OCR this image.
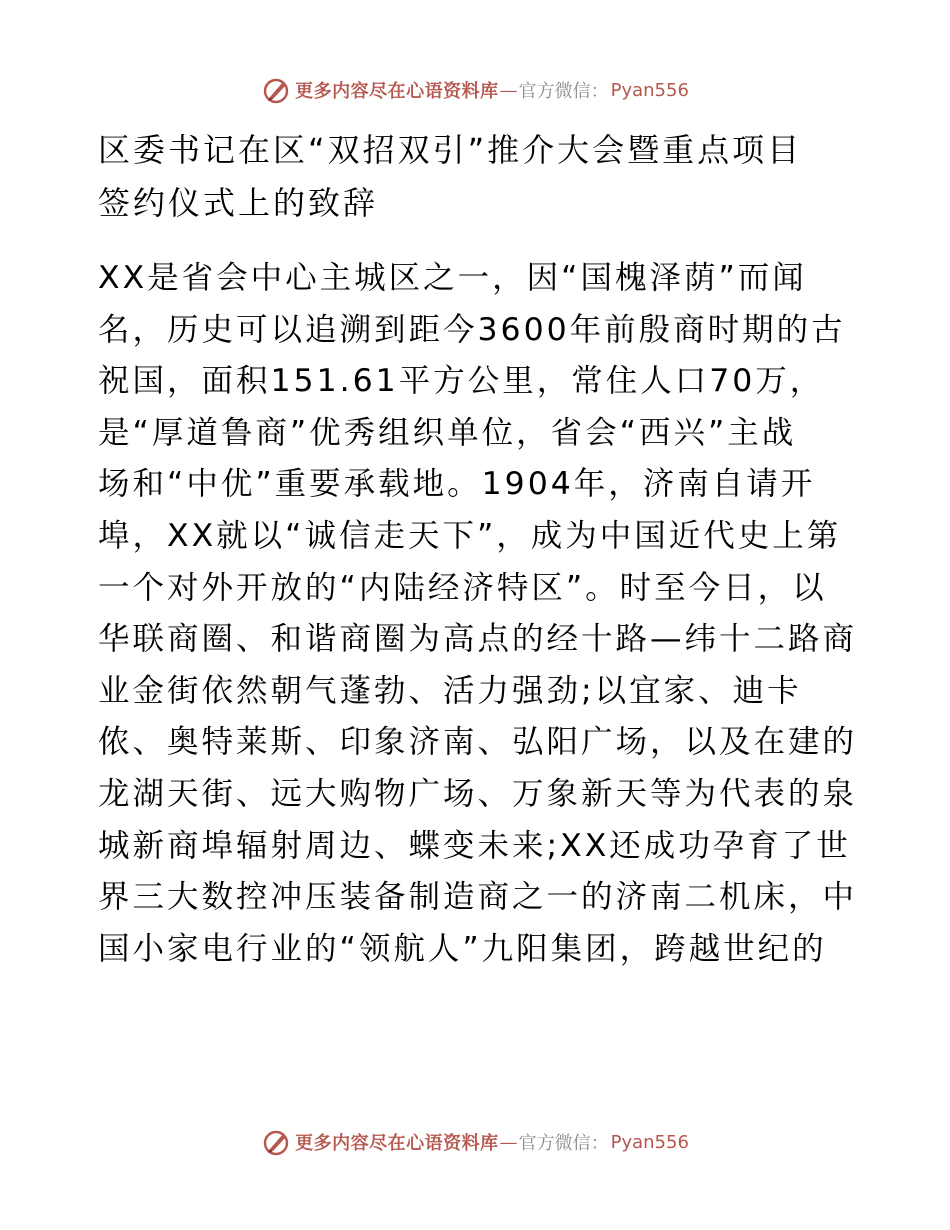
更多内容尽在心语资料库 — 官方微信： Pyan556
区委书记在区“双招双引”推介大会暨重点项目
签约仪式上的致辞
XX是省会中心主城区之一，因“国槐泽荫”而闻
名，历史可以追溯到距今3600年前殷商时期的古
祝国，面积151.61平方公里，常住人口70万，
是“厚道鲁商”优秀组织单位，省会“西兴”主战
场和“中优”重要承载地。1904年，济南自请开
埠，XX就以“诚信走天下”，成为中国近代史上第
一个对外开放的“内陆经济特区”。时至今日，以
华联商圈、和谐商圈为高点的经十路—纬十二路商
业金街依然朝气蓬勃、活力强劲;以宜家、迪卡
侬、奥特莱斯、印象济南、弘阳广场，以及在建的
龙湖天街、远大购物广场、万象新天等为代表的泉
城新商埠辐射周边、蝶变未来;XX还成功孕育了世
界三大数控冲压装备制造商之一的济南二机床，中
国小家电行业的“领航人”九阳集团，跨越世纪的
更多内容尽在心语资料库 — 官方微信： Pyan556
